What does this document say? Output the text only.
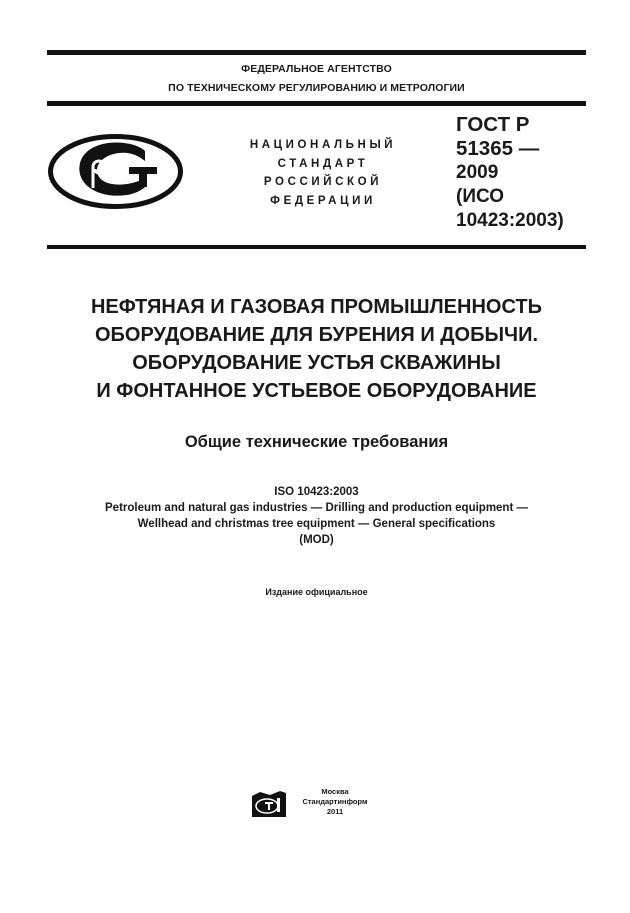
ФЕДЕРАЛЬНОЕ АГЕНТСТВО
ПО ТЕХНИЧЕСКОМУ РЕГУЛИРОВАНИЮ И МЕТРОЛОГИИ
НАЦИОНАЛЬНЫЙ
СТАНДАРТ
РОССИЙСКОЙ
ФЕДЕРАЦИИ
ГОСТ Р
51365 —
2009
(ИСО
10423:2003)
НЕФТЯНАЯ И ГАЗОВАЯ ПРОМЫШЛЕННОСТЬ
ОБОРУДОВАНИЕ ДЛЯ БУРЕНИЯ И ДОБЫЧИ.
ОБОРУДОВАНИЕ УСТЬЯ СКВАЖИНЫ
И ФОНТАННОЕ УСТЬЕВОЕ ОБОРУДОВАНИЕ
Общие технические требования
ISO 10423:2003
Petroleum and natural gas industries — Drilling and production equipment —
Wellhead and christmas tree equipment — General specifications
(MOD)
Издание официальное
Москва
Стандартинформ
2011
